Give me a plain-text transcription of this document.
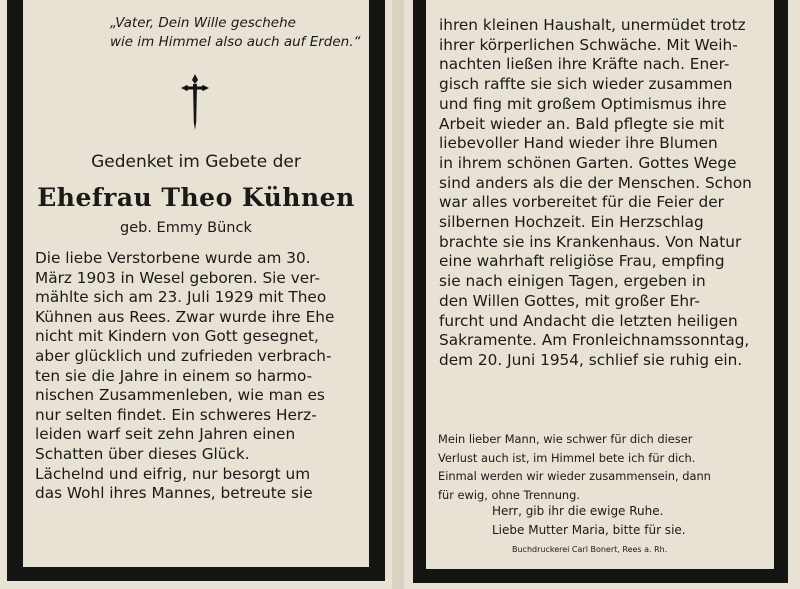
„Vater, Dein Wille geschehe
wie im Himmel also auch auf Erden.“
Gedenket im Gebete der
Ehefrau Theo Kühnen
geb. Emmy Bünck
Die liebe Verstorbene wurde am 30.
März 1903 in Wesel geboren. Sie ver-
mählte sich am 23. Juli 1929 mit Theo
Kühnen aus Rees. Zwar wurde ihre Ehe
nicht mit Kindern von Gott gesegnet,
aber glücklich und zufrieden verbrach-
ten sie die Jahre in einem so harmo-
nischen Zusammenleben, wie man es
nur selten findet. Ein schweres Herz-
leiden warf seit zehn Jahren einen
Schatten über dieses Glück.
Lächelnd und eifrig, nur besorgt um
das Wohl ihres Mannes, betreute sie
ihren kleinen Haushalt, unermüdet trotz
ihrer körperlichen Schwäche. Mit Weih-
nachten ließen ihre Kräfte nach. Ener-
gisch raffte sie sich wieder zusammen
und fing mit großem Optimismus ihre
Arbeit wieder an. Bald pflegte sie mit
liebevoller Hand wieder ihre Blumen
in ihrem schönen Garten. Gottes Wege
sind anders als die der Menschen. Schon
war alles vorbereitet für die Feier der
silbernen Hochzeit. Ein Herzschlag
brachte sie ins Krankenhaus. Von Natur
eine wahrhaft religiöse Frau, empfing
sie nach einigen Tagen, ergeben in
den Willen Gottes, mit großer Ehr-
furcht und Andacht die letzten heiligen
Sakramente. Am Fronleichnamssonntag,
dem 20. Juni 1954, schlief sie ruhig ein.
Mein lieber Mann, wie schwer für dich dieser
Verlust auch ist, im Himmel bete ich für dich.
Einmal werden wir wieder zusammensein, dann
für ewig, ohne Trennung.
Herr, gib ihr die ewige Ruhe.
Liebe Mutter Maria, bitte für sie.
Buchdruckerei Carl Bonert, Rees a. Rh.
